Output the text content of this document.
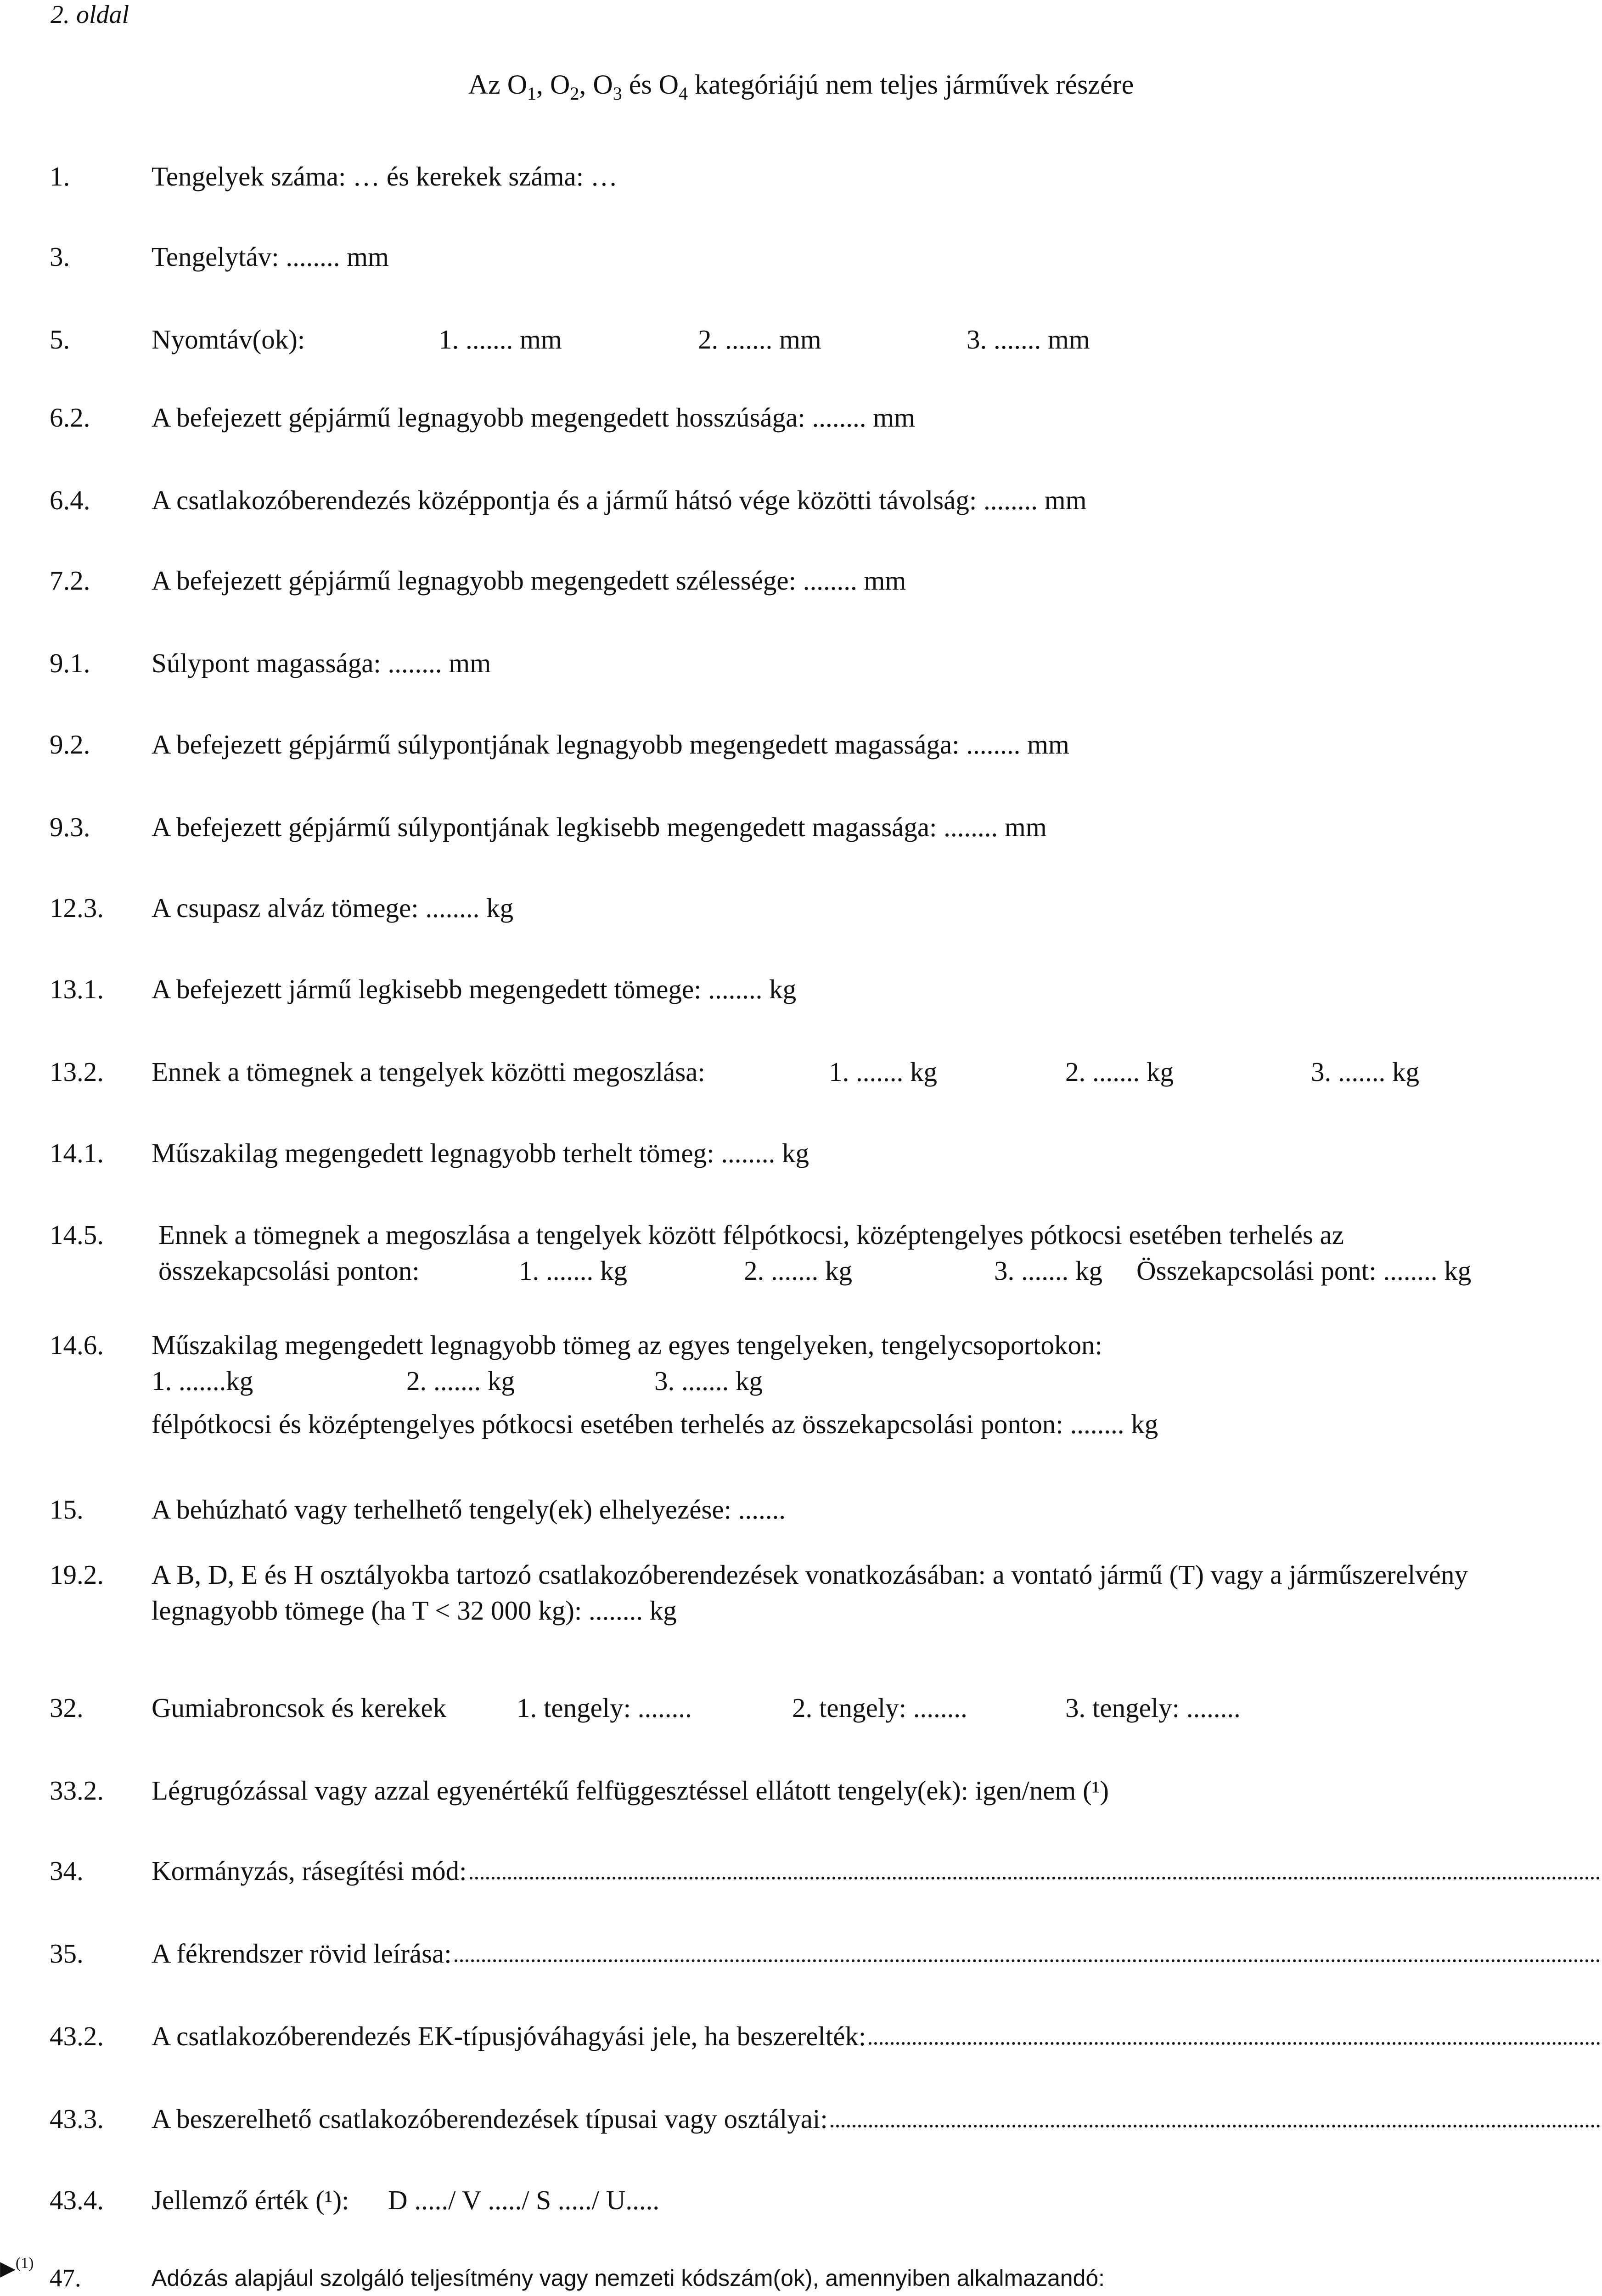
2. oldal
Az $O_1$, $O_2$, $O_3$ és $O_4$ kategóriájú nem teljes járművek részére
1.	Tengelyek száma: … és kerekek száma: …
3.	Tengelytáv: ........ mm
5.	Nyomtáv(ok):	1. ....... mm	2. ....... mm	3. ....... mm
6.2. A befejezett gépjármű legnagyobb megengedett hosszúsága: ........ mm
6.4. A csatlakozóberendezés középpontja és a jármű hátsó vége közötti távolság: ........ mm
7.2. A befejezett gépjármű legnagyobb megengedett szélessége: ........ mm
9.1. Súlypont magassága: ........ mm
9.2. A befejezett gépjármű súlypontjának legnagyobb megengedett magassága: ........ mm
9.3. A befejezett gépjármű súlypontjának legkisebb megengedett magassága: ........ mm
12.3. A csupasz alváz tömege: ........ kg
13.1. A befejezett jármű legkisebb megengedett tömege: ........ kg
13.2. Ennek a tömegnek a tengelyek közötti megoszlása:	1. ....... kg	2. ....... kg	3. ....... kg
14.1. Műszakilag megengedett legnagyobb terhelt tömeg: ........ kg
14.5. Ennek a tömegnek a megoszlása a tengelyek között félpótkocsi, középtengelyes pótkocsi esetében terhelés az
összekapcsolási ponton:	1. ....... kg	2. ....... kg	3. ....... kg Összekapcsolási pont: ........ kg
14.6. Műszakilag megengedett legnagyobb tömeg az egyes tengelyeken, tengelycsoportokon:
1. .......kg	2. ....... kg	3. ....... kg
félpótkocsi és középtengelyes pótkocsi esetében terhelés az összekapcsolási ponton: ........ kg
15.	A behúzható vagy terhelhető tengely(ek) elhelyezése: .......
19.2. A B, D, E és H osztályokba tartozó csatlakozóberendezések vonatkozásában: a vontató jármű (T) vagy a járműszerelvény
legnagyobb tömege (ha T < 32 000 kg): ........ kg
32.	Gumiabroncsok és kerekek	1. tengely: ........	2. tengely: ........	3. tengely: ........
33.2. Légrugózással vagy azzal egyenértékű felfüggesztéssel ellátott tengely(ek): igen/nem (¹)
34.	Kormányzás, rásegítési mód:
35.	A fékrendszer rövid leírása:
43.2. A csatlakozóberendezés EK-típusjóváhagyási jele, ha beszerelték:
43.3. A beszerelhető csatlakozóberendezések típusai vagy osztályai:
43.4. Jellemző érték (¹): D ...../ V ...../ S ...../ U.....
▶$^{(1)}$
47.	Adózás alapjául szolgáló teljesítmény vagy nemzeti kódszám(ok), amennyiben alkalmazandó:
